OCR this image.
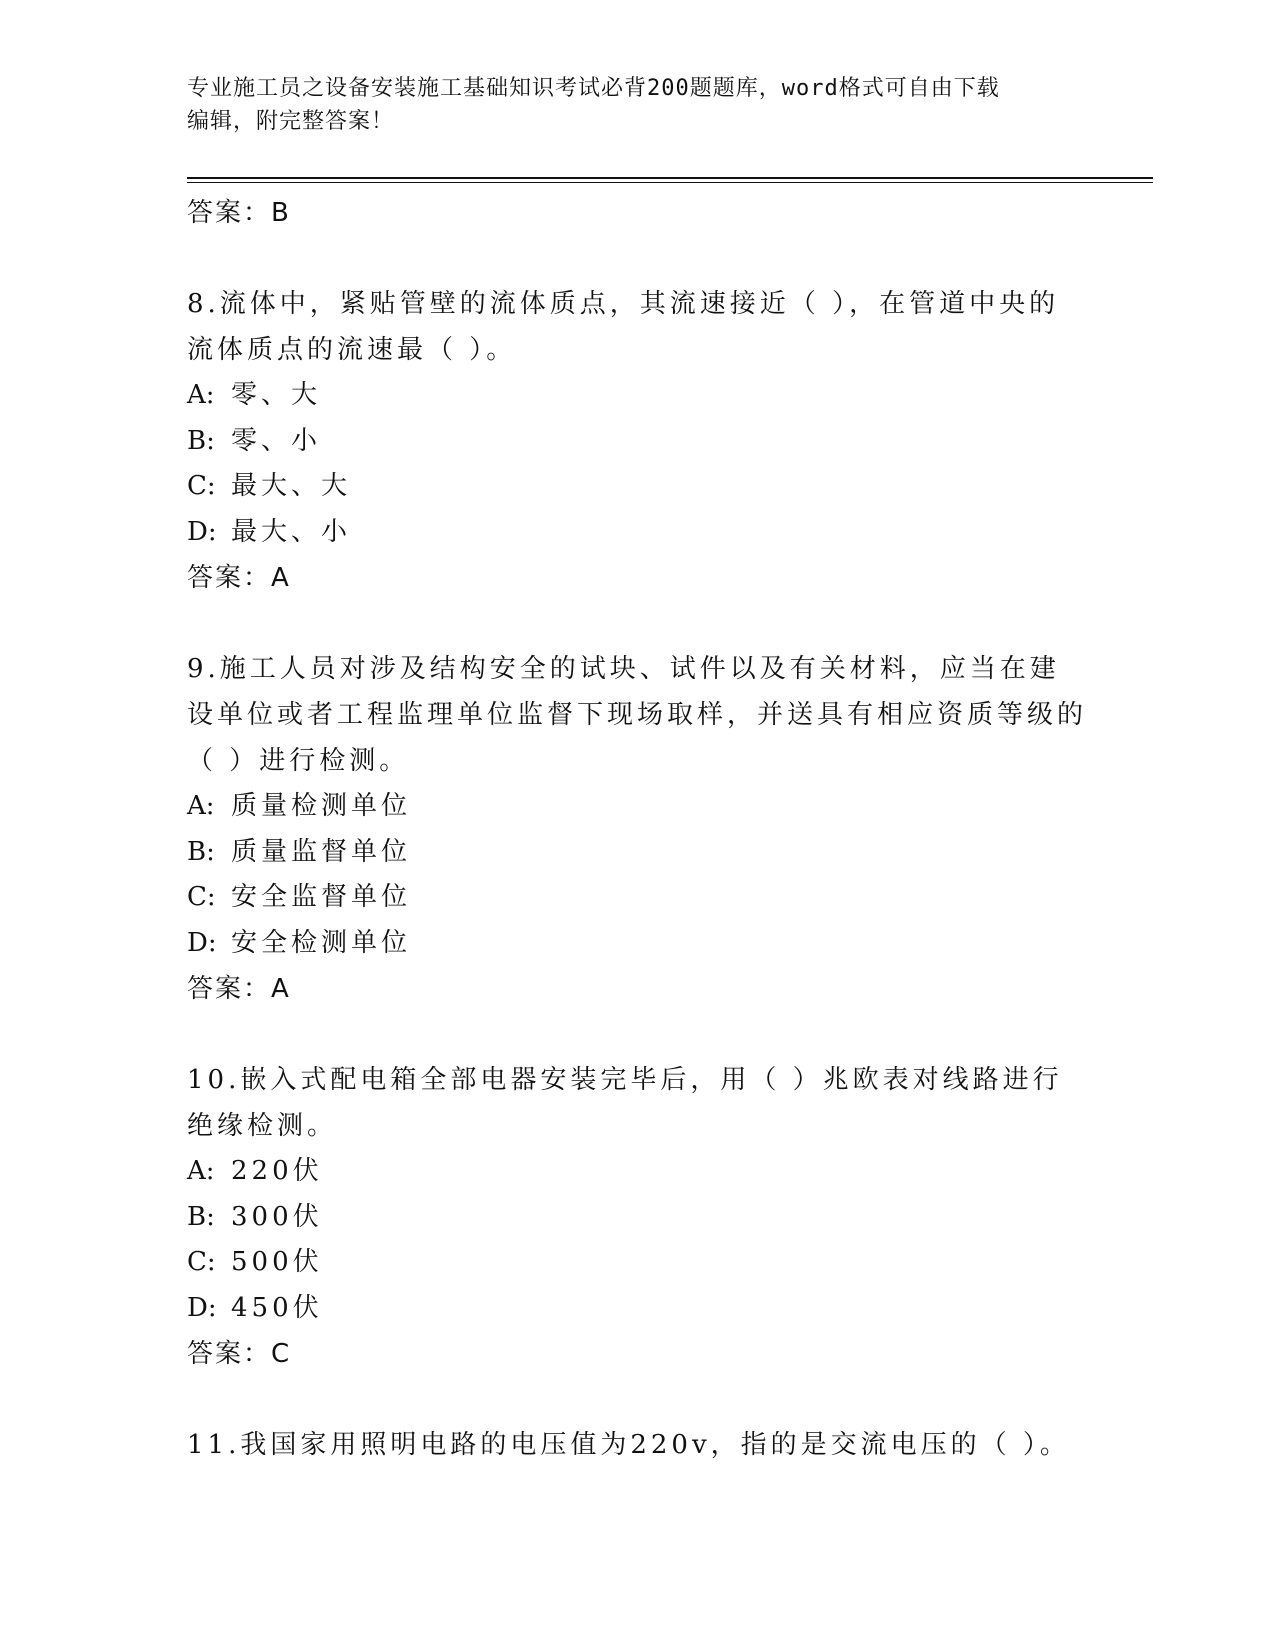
专业施工员之设备安装施工基础知识考试必背200题题库，word格式可自由下载
编辑，附完整答案！
答案：B
8.流体中，紧贴管壁的流体质点，其流速接近（ ），在管道中央的流体质点的流速最（ ）。
A: 零、大
B: 零、小
C: 最大、大
D: 最大、小
答案：A
9.施工人员对涉及结构安全的试块、试件以及有关材料，应当在建设单位或者工程监理单位监督下现场取样，并送具有相应资质等级的（ ）进行检测。
A: 质量检测单位
B: 质量监督单位
C: 安全监督单位
D: 安全检测单位
答案：A
10.嵌入式配电箱全部电器安装完毕后，用（ ）兆欧表对线路进行绝缘检测。
A: 220伏
B: 300伏
C: 500伏
D: 450伏
答案：C
11.我国家用照明电路的电压值为220v，指的是交流电压的（ ）。
